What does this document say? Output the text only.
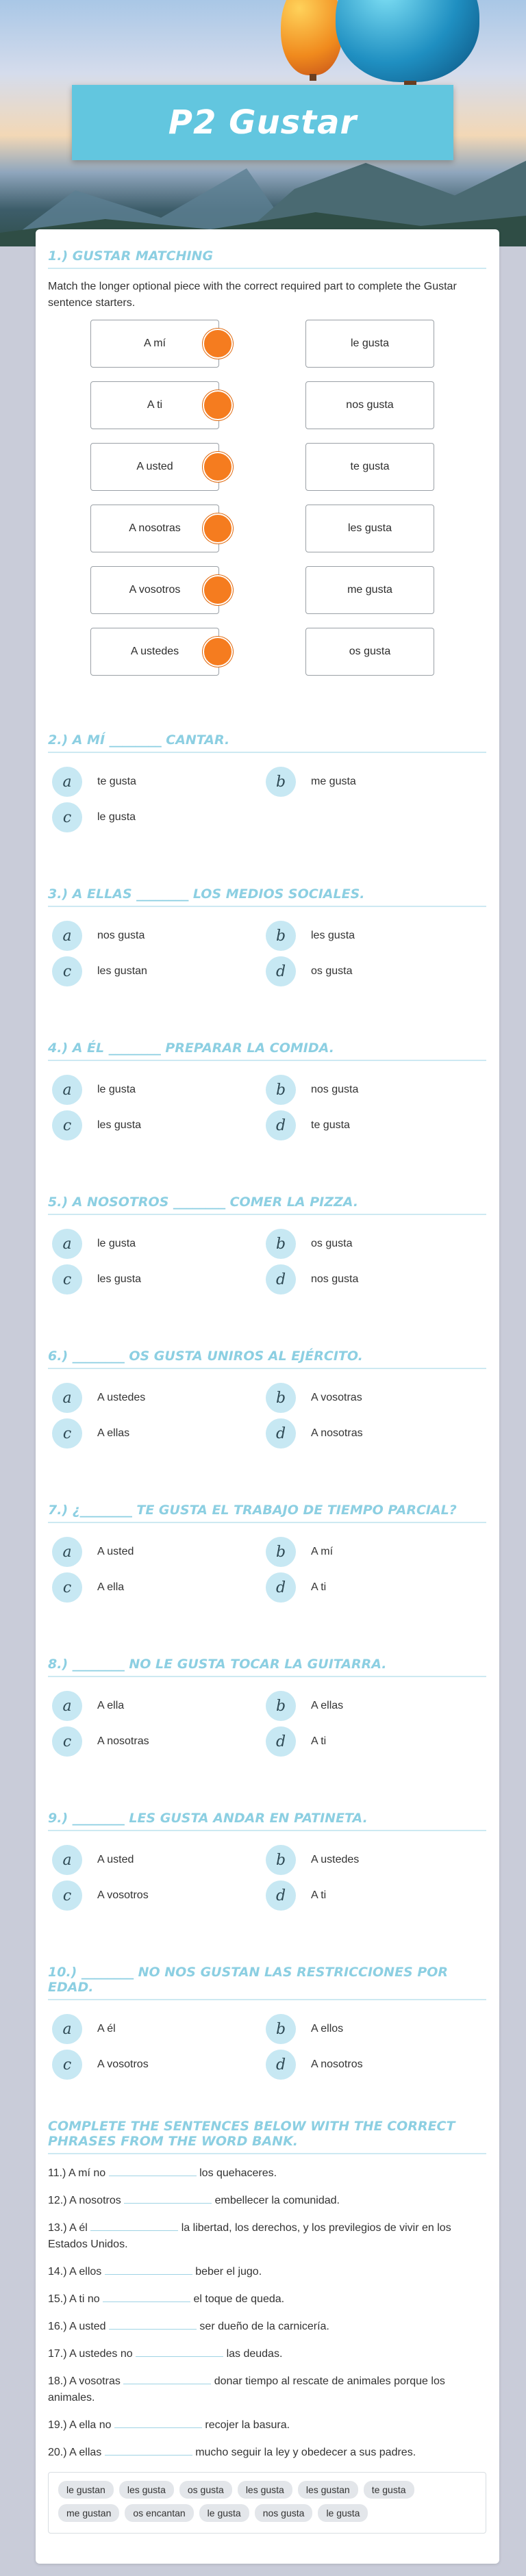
P2 Gustar
1.) GUSTAR MATCHING
Match the longer optional piece with the correct required part to complete the Gustar sentence starters.
A mí	le gusta
A ti	nos gusta
A usted	te gusta
A nosotras	les gusta
A vosotros	me gusta
A ustedes	os gusta
2.) A MÍ ________ CANTAR.
a	te gusta	b	me gusta
c	le gusta
3.) A ELLAS ________ LOS MEDIOS SOCIALES.
a	nos gusta	b	les gusta
c	les gustan	d	os gusta
4.) A ÉL ________ PREPARAR LA COMIDA.
a	le gusta	b	nos gusta
c	les gusta	d	te gusta
5.) A NOSOTROS ________ COMER LA PIZZA.
a	le gusta	b	os gusta
c	les gusta	d	nos gusta
6.) ________ OS GUSTA UNIROS AL EJÉRCITO.
a	A ustedes	b	A vosotras
c	A ellas	d	A nosotras
7.) ¿________ TE GUSTA EL TRABAJO DE TIEMPO PARCIAL?
a	A usted	b	A mí
c	A ella	d	A ti
8.) ________ NO LE GUSTA TOCAR LA GUITARRA.
a	A ella	b	A ellas
c	A nosotras	d	A ti
9.) ________ LES GUSTA ANDAR EN PATINETA.
a	A usted	b	A ustedes
c	A vosotros	d	A ti
10.) ________ NO NOS GUSTAN LAS RESTRICCIONES POR EDAD.
a	A él	b	A ellos
c	A vosotros	d	A nosotros
COMPLETE THE SENTENCES BELOW WITH THE CORRECT PHRASES FROM THE WORD BANK.
11.) A mí no	los quehaceres.
12.) A nosotros	embellecer la comunidad.
13.) A él	la libertad, los derechos, y los previlegios de vivir en los Estados Unidos.
14.) A ellos	beber el jugo.
15.) A ti no	el toque de queda.
16.) A usted	ser dueño de la carnicería.
17.) A ustedes no	las deudas.
18.) A vosotras	donar tiempo al rescate de animales porque los animales.
19.) A ella no	recojer la basura.
20.) A ellas	mucho seguir la ley y obedecer a sus padres.
le gustan	les gusta	os gusta	les gusta	les gustan	te gusta
me gustan	os encantan	le gusta	nos gusta	le gusta
